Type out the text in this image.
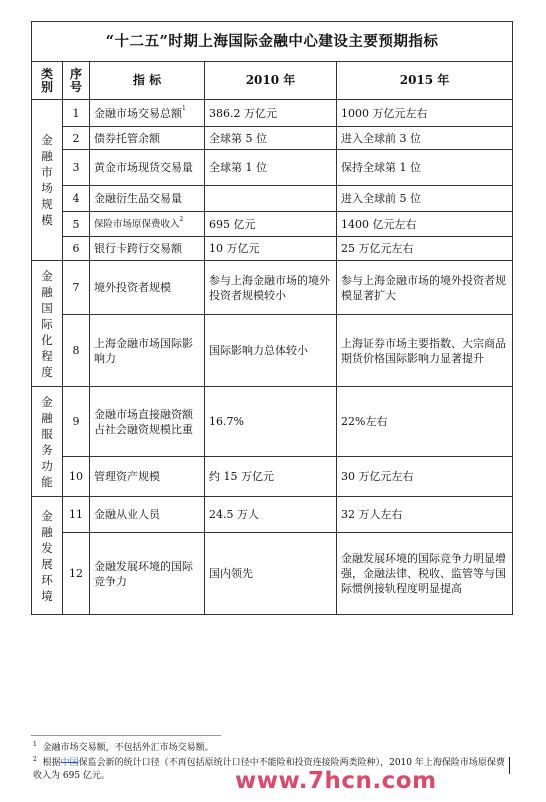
“十二五”时期上海国际金融中心建设主要预期指标				
类别	序号	指 标	2010 年	2015 年
金融市场规模	1	金融市场交易总额$^1$	386.2 万亿元	1000 万亿元左右
	2	债券托管余额	全球第 5 位	进入全球前 3 位
	3	黄金市场现货交易量	全球第 1 位	保持全球第 1 位
	4	金融衍生品交易量		进入全球前 5 位
	5	保险市场原保费收入$^2$	695 亿元	1400 亿元左右
	6	银行卡跨行交易额	10 万亿元	25 万亿元左右
金融国际化程度	7	境外投资者规模	参与上海金融市场的境外投资者规模较小	参与上海金融市场的境外投资者规模显著扩大
	8	上海金融市场国际影响力	国际影响力总体较小	上海证券市场主要指数、大宗商品期货价格国际影响力显著提升
金融服务功能	9	金融市场直接融资额占社会融资规模比重	16.7%	22%左右
	10	管理资产规模	约 15 万亿元	30 万亿元左右
金融发展环境	11	金融从业人员	24.5 万人	32 万人左右
	12	金融发展环境的国际竞争力	国内领先	金融发展环境的国际竞争力明显增强，金融法律、税收、监管等与国际惯例接轨程度明显提高
$^1$ 金融市场交易额，不包括外汇市场交易额。
$^2$ 根据中国保监会新的统计口径（不再包括原统计口径中不能险和投资连接险两类险种），2010 年上海保险市场原保费收入为 695 亿元。	www.7hcn.com
